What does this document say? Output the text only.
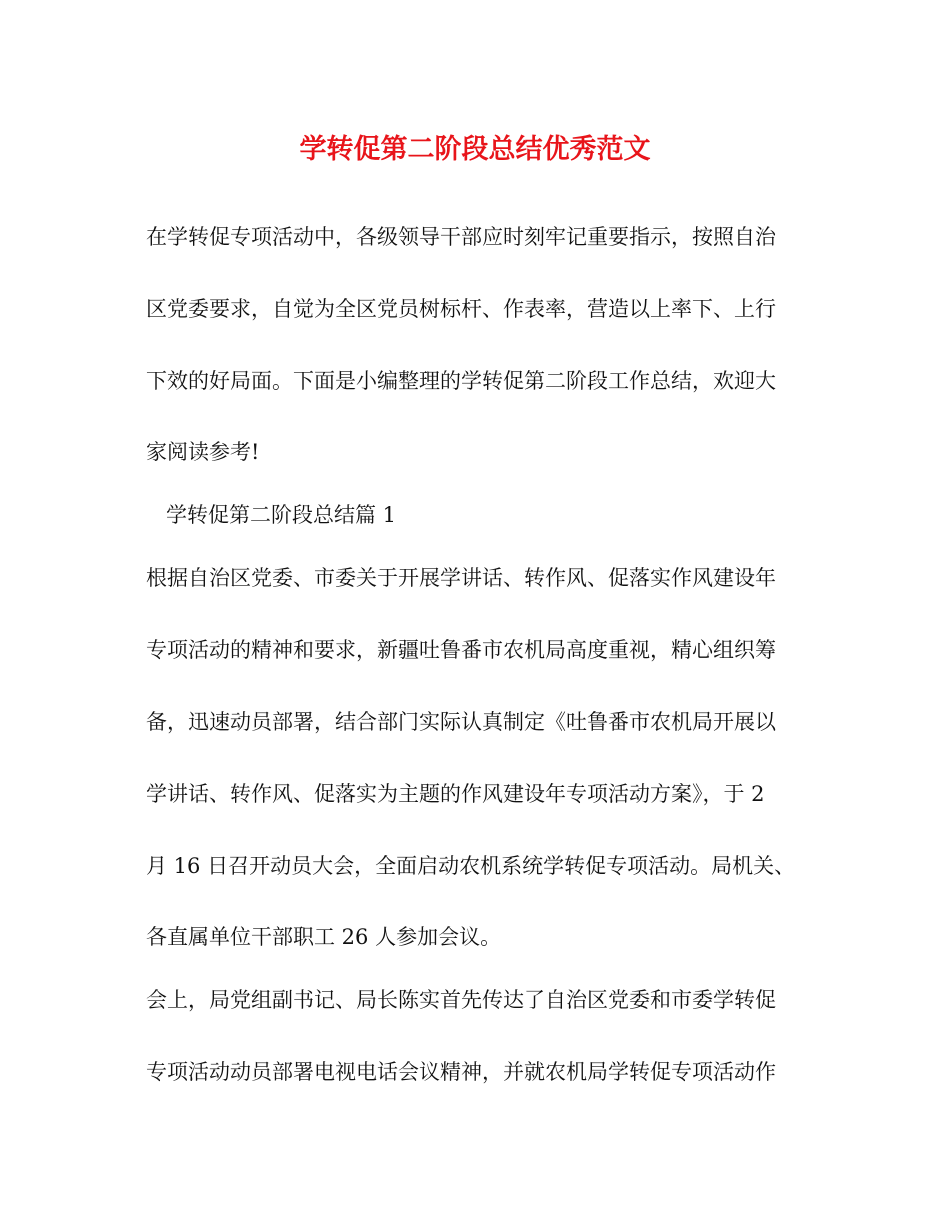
学转促第二阶段总结优秀范文

在学转促专项活动中，各级领导干部应时刻牢记重要指示，按照自治

区党委要求，自觉为全区党员树标杆、作表率，营造以上率下、上行

下效的好局面。下面是小编整理的学转促第二阶段工作总结，欢迎大

家阅读参考!

学转促第二阶段总结篇 1

根据自治区党委、市委关于开展学讲话、转作风、促落实作风建设年

专项活动的精神和要求，新疆吐鲁番市农机局高度重视，精心组织筹

备，迅速动员部署，结合部门实际认真制定《吐鲁番市农机局开展以

学讲话、转作风、促落实为主题的作风建设年专项活动方案》，于 2

月 16 日召开动员大会，全面启动农机系统学转促专项活动。局机关、

各直属单位干部职工 26 人参加会议。

会上，局党组副书记、局长陈实首先传达了自治区党委和市委学转促

专项活动动员部署电视电话会议精神，并就农机局学转促专项活动作
